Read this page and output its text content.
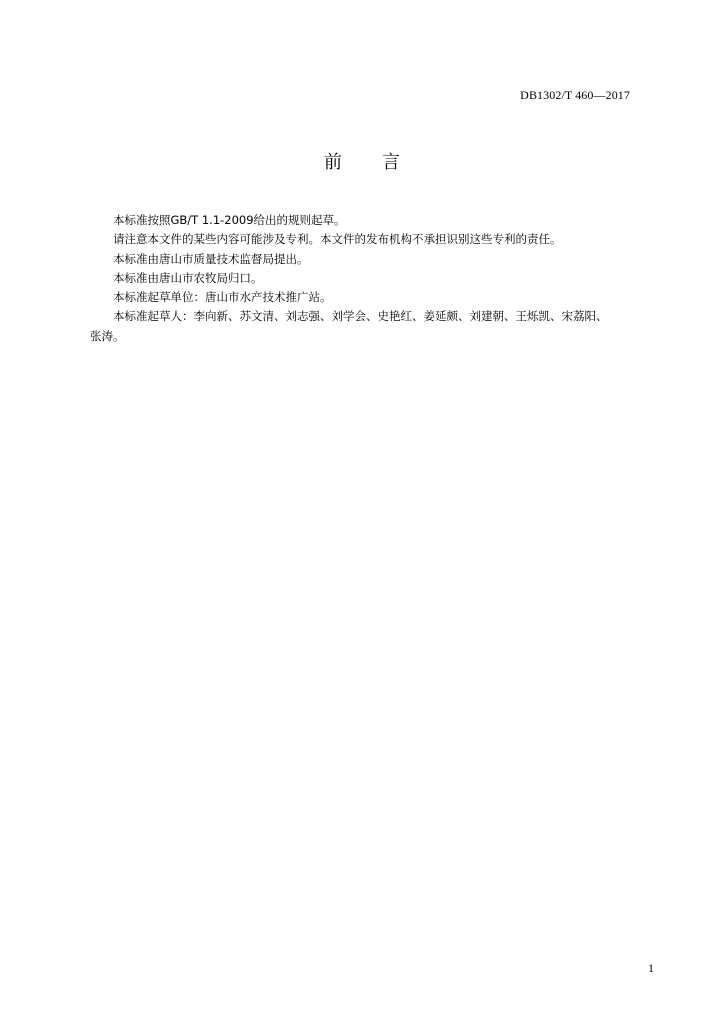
DB1302/T 460—2017
前言

本标准按照GB/T 1.1-2009给出的规则起草。

请注意本文件的某些内容可能涉及专利。本文件的发布机构不承担识别这些专利的责任。

本标准由唐山市质量技术监督局提出。

本标准由唐山市农牧局归口。

本标准起草单位：唐山市水产技术推广站。

本标准起草人：李向新、苏文清、刘志强、刘学会、史艳红、姜延颇、刘建朝、王烁凯、宋荔阳、

张涛。

1
